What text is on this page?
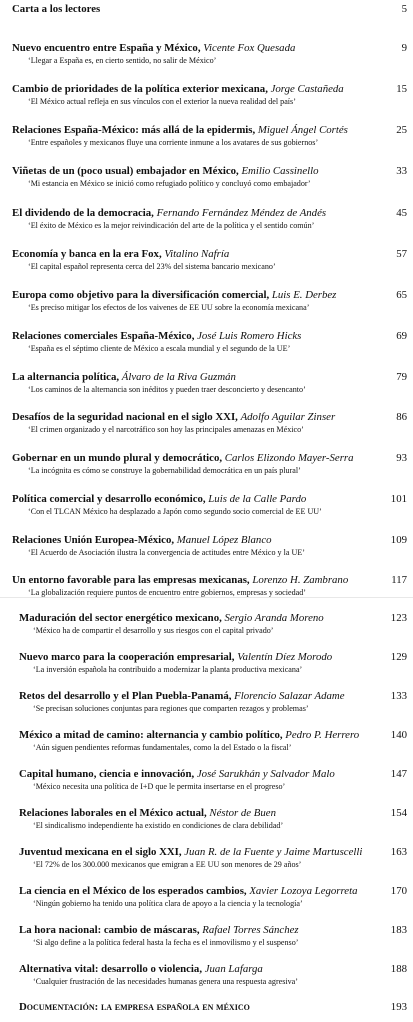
Carta a los lectores	5
Nuevo encuentro entre España y México, Vicente Fox Quesada
‘Llegar a España es, en cierto sentido, no salir de México’
9
Cambio de prioridades de la política exterior mexicana, Jorge Castañeda
‘El México actual refleja en sus vínculos con el exterior la nueva realidad del país’
15
Relaciones España-México: más allá de la epidermis, Miguel Ángel Cortés
‘Entre españoles y mexicanos fluye una corriente inmune a los avatares de sus gobiernos’
25
Viñetas de un (poco usual) embajador en México, Emilio Cassinello
‘Mi estancia en México se inició como refugiado político y concluyó como embajador’
33
El dividendo de la democracia, Fernando Fernández Méndez de Andés
‘El éxito de México es la mejor reivindicación del arte de la política y el sentido común’
45
Economía y banca en la era Fox, Vitalino Nafría
‘El capital español representa cerca del 23% del sistema bancario mexicano’
57
Europa como objetivo para la diversificación comercial, Luis E. Derbez
‘Es preciso mitigar los efectos de los vaivenes de EE UU sobre la economía mexicana’
65
Relaciones comerciales España-México, José Luis Romero Hicks
‘España es el séptimo cliente de México a escala mundial y el segundo de la UE’
69
La alternancia política, Álvaro de la Riva Guzmán
‘Los caminos de la alternancia son inéditos y pueden traer desconcierto y desencanto’
79
Desafíos de la seguridad nacional en el siglo XXI, Adolfo Aguilar Zinser
‘El crimen organizado y el narcotráfico son hoy las principales amenazas en México’
86
Gobernar en un mundo plural y democrático, Carlos Elizondo Mayer-Serra
‘La incógnita es cómo se construye la gobernabilidad democrática en un país plural’
93
Política comercial y desarrollo económico, Luis de la Calle Pardo
‘Con el TLCAN México ha desplazado a Japón como segundo socio comercial de EE UU’
101
Relaciones Unión Europea-México, Manuel López Blanco
‘El Acuerdo de Asociación ilustra la convergencia de actitudes entre México y la UE’
109
Un entorno favorable para las empresas mexicanas, Lorenzo H. Zambrano
‘La globalización requiere puntos de encuentro entre gobiernos, empresas y sociedad’
117
Maduración del sector energético mexicano, Sergio Aranda Moreno
‘México ha de compartir el desarrollo y sus riesgos con el capital privado’
123
Nuevo marco para la cooperación empresarial, Valentín Díez Morodo
‘La inversión española ha contribuido a modernizar la planta productiva mexicana’
129
Retos del desarrollo y el Plan Puebla-Panamá, Florencio Salazar Adame
‘Se precisan soluciones conjuntas para regiones que comparten rezagos y problemas’
133
México a mitad de camino: alternancia y cambio político, Pedro P. Herrero
‘Aún siguen pendientes reformas fundamentales, como la del Estado o la fiscal’
140
Capital humano, ciencia e innovación, José Sarukhán y Salvador Malo
‘México necesita una política de I+D que le permita insertarse en el progreso’
147
Relaciones laborales en el México actual, Néstor de Buen
‘El sindicalismo independiente ha existido en condiciones de clara debilidad’
154
Juventud mexicana en el siglo XXI, Juan R. de la Fuente y Jaime Martuscelli
‘El 72% de los 300.000 mexicanos que emigran a EE UU son menores de 29 años’
163
La ciencia en el México de los esperados cambios, Xavier Lozoya Legorreta
‘Ningún gobierno ha tenido una política clara de apoyo a la ciencia y la tecnología’
170
La hora nacional: cambio de máscaras, Rafael Torres Sánchez
‘Si algo define a la política federal hasta la fecha es el inmovilismo y el suspenso’
183
Alternativa vital: desarrollo o violencia, Juan Lafarga
‘Cualquier frustración de las necesidades humanas genera una respuesta agresiva’
188
Documentación: la empresa española en méxico	193
